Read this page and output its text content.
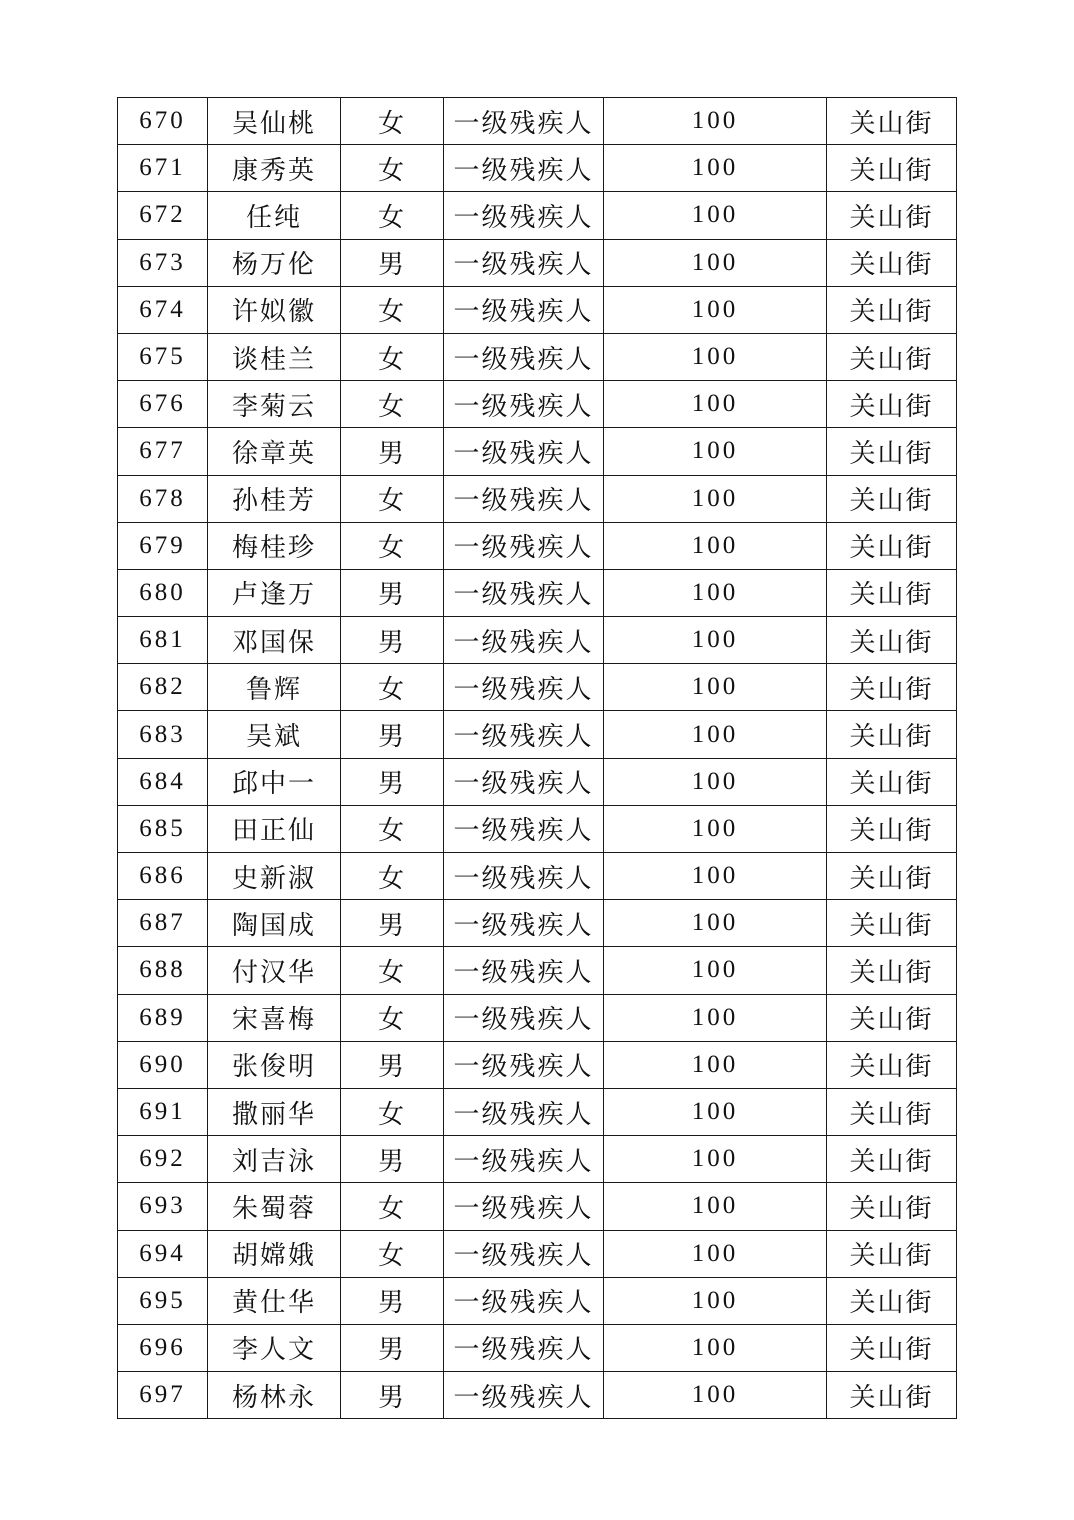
670	吴仙桃	女	一级残疾人	100	关山街
671	康秀英	女	一级残疾人	100	关山街
672	任纯	女	一级残疾人	100	关山街
673	杨万伦	男	一级残疾人	100	关山街
674	许姒徽	女	一级残疾人	100	关山街
675	谈桂兰	女	一级残疾人	100	关山街
676	李菊云	女	一级残疾人	100	关山街
677	徐章英	男	一级残疾人	100	关山街
678	孙桂芳	女	一级残疾人	100	关山街
679	梅桂珍	女	一级残疾人	100	关山街
680	卢逢万	男	一级残疾人	100	关山街
681	邓国保	男	一级残疾人	100	关山街
682	鲁辉	女	一级残疾人	100	关山街
683	吴斌	男	一级残疾人	100	关山街
684	邱中一	男	一级残疾人	100	关山街
685	田正仙	女	一级残疾人	100	关山街
686	史新淑	女	一级残疾人	100	关山街
687	陶国成	男	一级残疾人	100	关山街
688	付汉华	女	一级残疾人	100	关山街
689	宋喜梅	女	一级残疾人	100	关山街
690	张俊明	男	一级残疾人	100	关山街
691	撒丽华	女	一级残疾人	100	关山街
692	刘吉泳	男	一级残疾人	100	关山街
693	朱蜀蓉	女	一级残疾人	100	关山街
694	胡嫦娥	女	一级残疾人	100	关山街
695	黄仕华	男	一级残疾人	100	关山街
696	李人文	男	一级残疾人	100	关山街
697	杨林永	男	一级残疾人	100	关山街
